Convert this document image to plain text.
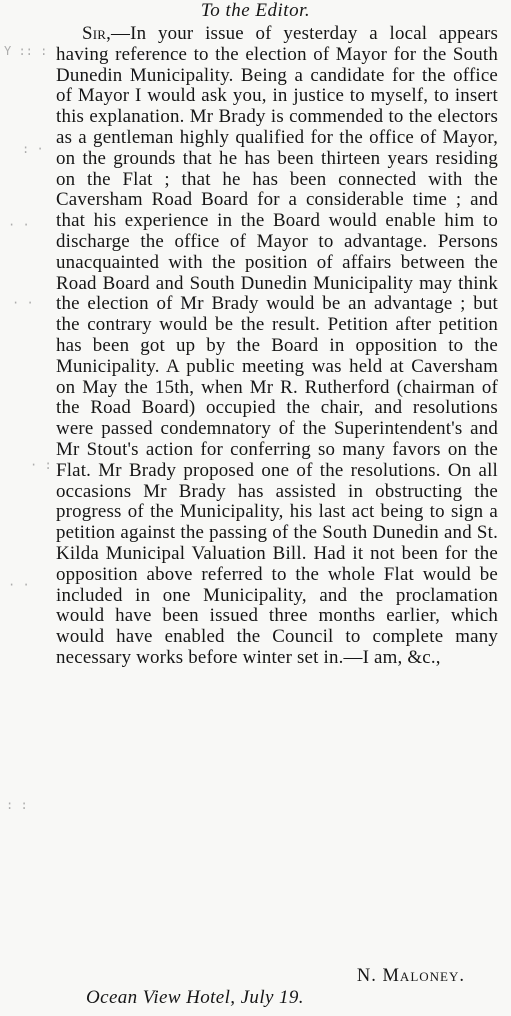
Y :: :
: ·
· ·
· ·
· :
· ·
: :
To the Editor.

Sir,—In your issue of yesterday a local appears having reference to the election of Mayor for the South Dunedin Municipality. Being a candidate for the office of Mayor I would ask you, in justice to myself, to insert this explanation. Mr Brady is commended to the electors as a gentleman highly qualified for the office of Mayor, on the grounds that he has been thirteen years residing on the Flat ; that he has been connected with the Caversham Road Board for a considerable time ; and that his experience in the Board would enable him to discharge the office of Mayor to advantage. Persons unacquainted with the position of affairs between the Road Board and South Dunedin Municipality may think the election of Mr Brady would be an advantage ; but the contrary would be the result. Petition after petition has been got up by the Board in opposition to the Municipality. A public meeting was held at Caversham on May the 15th, when Mr R. Rutherford (chairman of the Road Board) occupied the chair, and resolutions were passed condemnatory of the Superintendent's and Mr Stout's action for conferring so many favors on the Flat. Mr Brady proposed one of the resolutions. On all occasions Mr Brady has assisted in obstructing the progress of the Municipality, his last act being to sign a petition against the passing of the South Dunedin and St. Kilda Municipal Valuation Bill. Had it not been for the opposition above referred to the whole Flat would be included in one Municipality, and the proclamation would have been issued three months earlier, which would have enabled the Council to complete many necessary works before winter set in.—I am, &c.,

N. Maloney.
Ocean View Hotel, July 19.
